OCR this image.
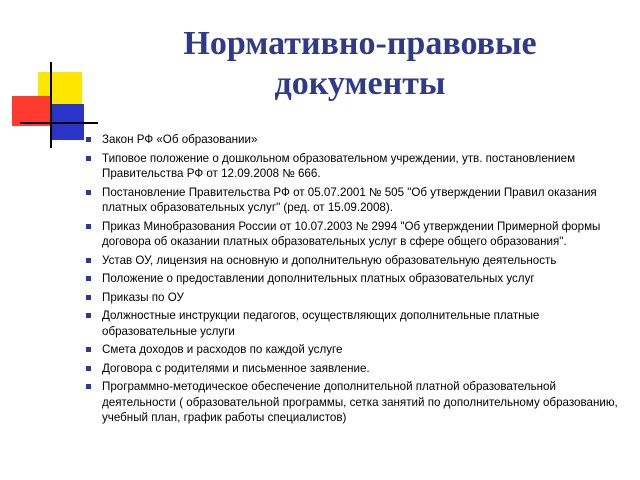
Нормативно-правовые
документы
Закон РФ «Об образовании»
Типовое положение о дошкольном образовательном учреждении, утв. постановлением Правительства РФ от 12.09.2008 № 666.
Постановление Правительства РФ от 05.07.2001 № 505 "Об утверждении Правил оказания платных образовательных услуг" (ред. от 15.09.2008).
Приказ Минобразования России от 10.07.2003 № 2994 "Об утверждении Примерной формы договора об оказании платных образовательных услуг в сфере общего образования".
Устав ОУ, лицензия на основную и дополнительную образовательную деятельность
Положение о предоставлении дополнительных платных образовательных услуг
Приказы по ОУ
Должностные инструкции педагогов, осуществляющих дополнительные платные образовательные услуги
Смета доходов и расходов по каждой услуге
Договора с родителями и письменное заявление.
Программно-методическое обеспечение дополнительной платной образовательной деятельности ( образовательной программы, сетка занятий по дополнительному образованию, учебный план, график работы специалистов)
